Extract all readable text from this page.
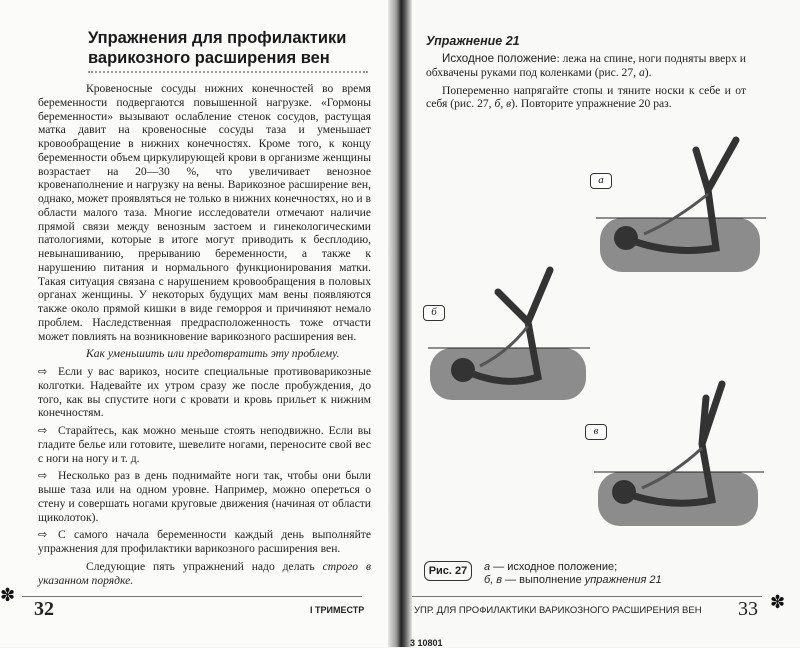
Упражнения для профилактики
варикозного расширения вен

Кровеносные сосуды нижних конечностей во время беременности подвергаются повышенной нагрузке. «Гормоны беременности» вызывают ослабление стенок сосудов, растущая матка давит на кровеносные сосуды таза и уменьшает кровообращение в нижних конечностях. Кроме того, к концу беременности объем циркулирующей крови в организме женщины возрастает на 20—30 %, что увеличивает венозное кровенаполнение и нагрузку на вены. Варикозное расширение вен, однако, может проявляться не только в нижних конечностях, но и в области малого таза. Многие исследователи отмечают наличие прямой связи между венозным застоем и гинекологическими патологиями, которые в итоге могут приводить к бесплодию, невынашиванию, прерыванию беременности, а также к нарушению питания и нормального функционирования матки. Такая ситуация связана с нарушением кровообращения в половых органах женщины. У некоторых будущих мам вены появляются также около прямой кишки в виде геморроя и причиняют немало проблем. Наследственная предрасположенность тоже отчасти может повлиять на возникновение варикозного расширения вен.

Как уменьшить или предотвратить эту проблему.

⇨ Если у вас варикоз, носите специальные противоварикозные колготки. Надевайте их утром сразу же после пробуждения, до того, как вы спустите ноги с кровати и кровь прильет к нижним конечностям.

⇨ Старайтесь, как можно меньше стоять неподвижно. Если вы гладите белье или готовите, шевелите ногами, переносите свой вес с ноги на ногу и т. д.

⇨ Несколько раз в день поднимайте ноги так, чтобы они были выше таза или на одном уровне. Например, можно опереться о стену и совершать ногами круговые движения (начиная от области щиколоток).

⇨ С самого начала беременности каждый день выполняйте упражнения для профилактики варикозного расширения вен.

Следующие пять упражнений надо делать строго в указанном порядке.

✽
32	I ТРИМЕСТР
Упражнение 21

Исходное положение: лежа на спине, ноги подняты вверх и обхвачены руками под коленками (рис. 27, а).

Попеременно напрягайте стопы и тяните носки к себе и от себя (рис. 27, б, в). Повторите упражнение 20 раз.

а
б
в
Рис. 27	а — исходное положение;
б, в — выполнение упражнения 21
УПР. ДЛЯ ПРОФИЛАКТИКИ ВАРИКОЗНОГО РАСШИРЕНИЯ ВЕН 33 ✽
3 10801
